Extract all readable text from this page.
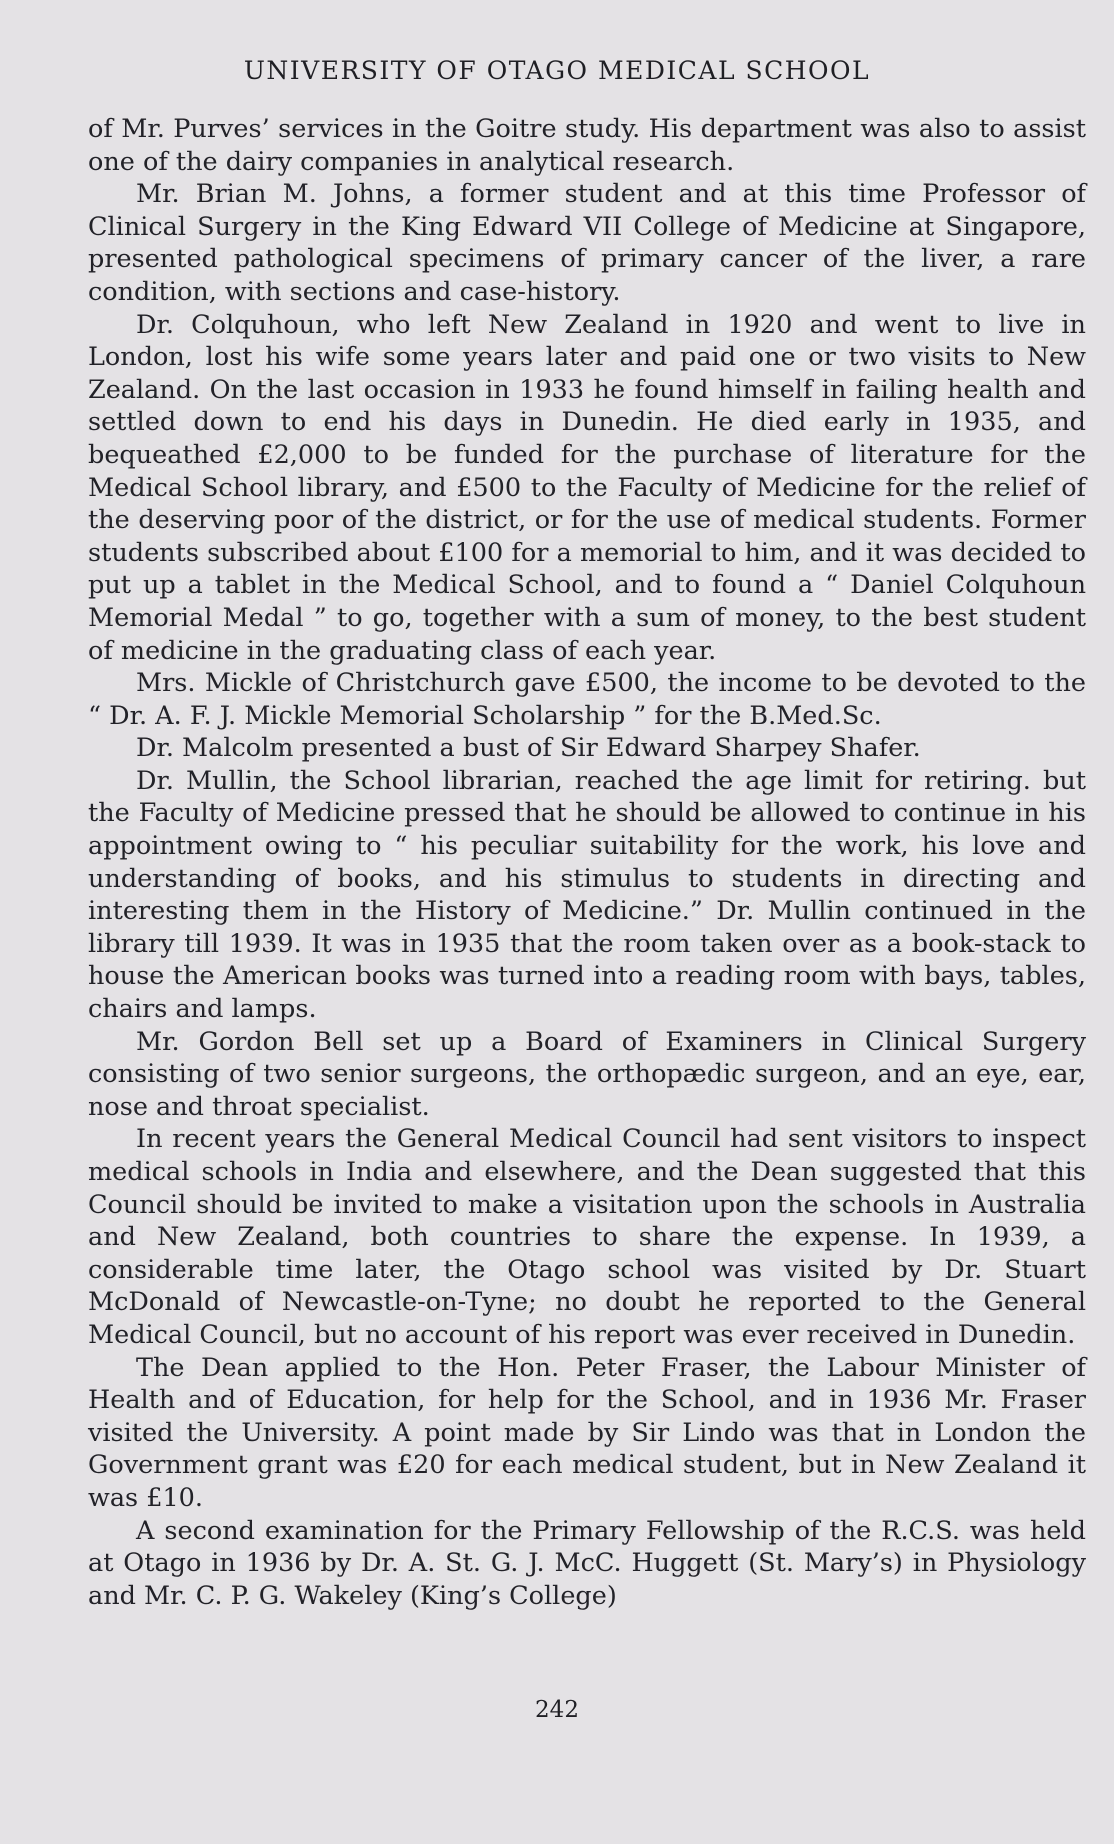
UNIVERSITY OF OTAGO MEDICAL SCHOOL

of Mr. Purves’ services in the Goitre study. His department was also to assist one of the dairy companies in analytical research.

Mr. Brian M. Johns, a former student and at this time Professor of Clinical Surgery in the King Edward VII College of Medicine at Singapore, presented pathological specimens of primary cancer of the liver, a rare condition, with sections and case-history.

Dr. Colquhoun, who left New Zealand in 1920 and went to live in London, lost his wife some years later and paid one or two visits to New Zealand. On the last occasion in 1933 he found himself in failing health and settled down to end his days in Dunedin. He died early in 1935, and bequeathed £2,000 to be funded for the purchase of literature for the Medical School library, and £500 to the Faculty of Medicine for the relief of the deserving poor of the district, or for the use of medical students. Former students subscribed about £100 for a memorial to him, and it was decided to put up a tablet in the Medical School, and to found a “ Daniel Colquhoun Memorial Medal ” to go, together with a sum of money, to the best student of medicine in the graduating class of each year.

Mrs. Mickle of Christchurch gave £500, the income to be devoted to the “ Dr. A. F. J. Mickle Memorial Scholarship ” for the B.Med.Sc.

Dr. Malcolm presented a bust of Sir Edward Sharpey Shafer.

Dr. Mullin, the School librarian, reached the age limit for retiring. but the Faculty of Medicine pressed that he should be allowed to continue in his appointment owing to “ his peculiar suitability for the work, his love and understanding of books, and his stimulus to students in directing and interesting them in the History of Medicine.” Dr. Mullin continued in the library till 1939. It was in 1935 that the room taken over as a book-stack to house the American books was turned into a reading room with bays, tables, chairs and lamps.

Mr. Gordon Bell set up a Board of Examiners in Clinical Surgery consisting of two senior surgeons, the orthopædic surgeon, and an eye, ear, nose and throat specialist.

In recent years the General Medical Council had sent visitors to inspect medical schools in India and elsewhere, and the Dean suggested that this Council should be invited to make a visitation upon the schools in Australia and New Zealand, both countries to share the expense. In 1939, a considerable time later, the Otago school was visited by Dr. Stuart McDonald of Newcastle-on-Tyne; no doubt he reported to the General Medical Council, but no account of his report was ever received in Dunedin.

The Dean applied to the Hon. Peter Fraser, the Labour Minister of Health and of Education, for help for the School, and in 1936 Mr. Fraser visited the University. A point made by Sir Lindo was that in London the Government grant was £20 for each medical student, but in New Zealand it was £10.

A second examination for the Primary Fellowship of the R.C.S. was held at Otago in 1936 by Dr. A. St. G. J. McC. Huggett (St. Mary’s) in Physiology and Mr. C. P. G. Wakeley (King’s College)

242
